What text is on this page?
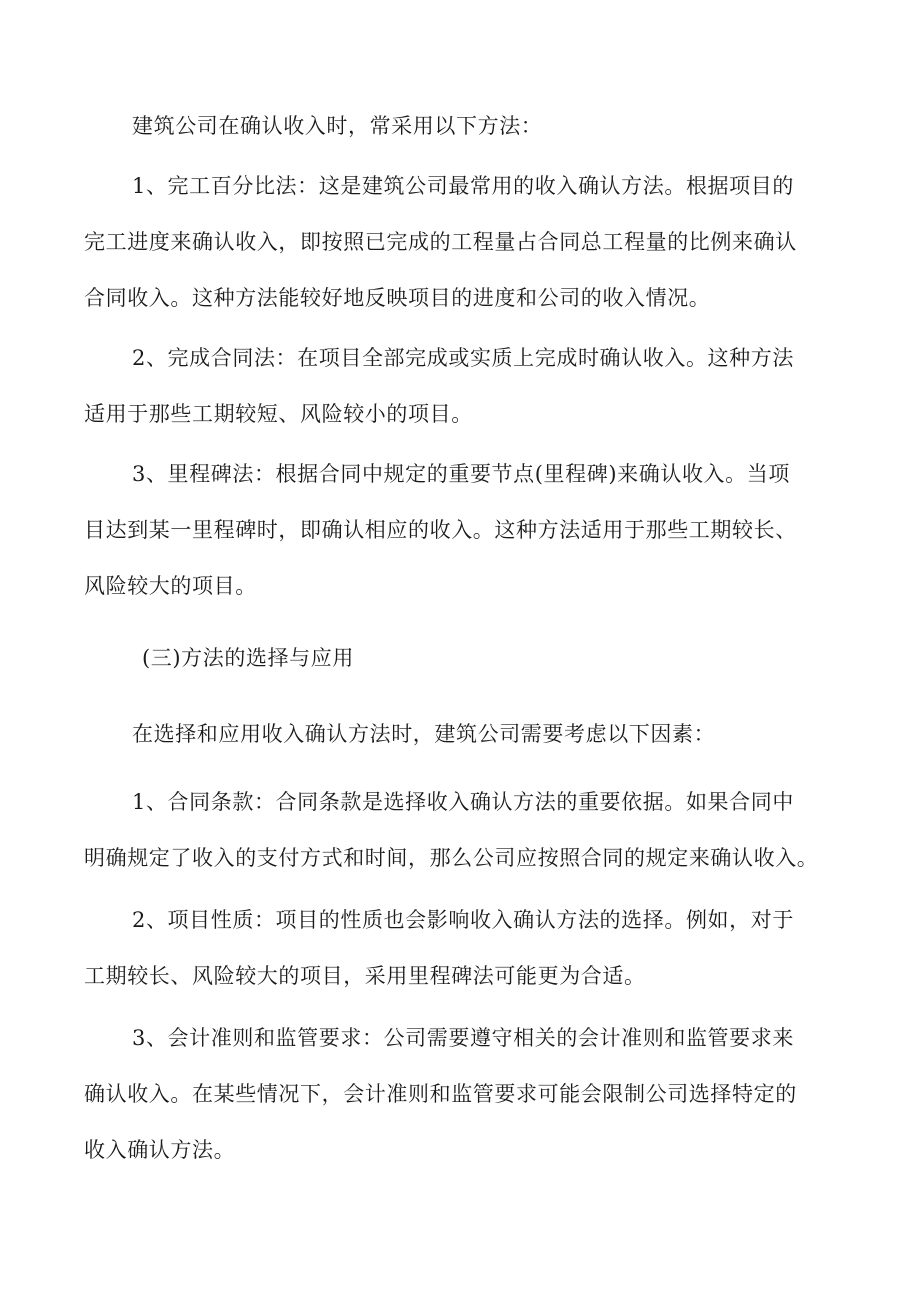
建筑公司在确认收入时，常采用以下方法：
1、完工百分比法：这是建筑公司最常用的收入确认方法。根据项目的
完工进度来确认收入，即按照已完成的工程量占合同总工程量的比例来确认
合同收入。这种方法能较好地反映项目的进度和公司的收入情况。
2、完成合同法：在项目全部完成或实质上完成时确认收入。这种方法
适用于那些工期较短、风险较小的项目。
3、里程碑法：根据合同中规定的重要节点(里程碑)来确认收入。当项
目达到某一里程碑时，即确认相应的收入。这种方法适用于那些工期较长、
风险较大的项目。
(三)方法的选择与应用
在选择和应用收入确认方法时，建筑公司需要考虑以下因素：
1、合同条款：合同条款是选择收入确认方法的重要依据。如果合同中
明确规定了收入的支付方式和时间，那么公司应按照合同的规定来确认收入。
2、项目性质：项目的性质也会影响收入确认方法的选择。例如，对于
工期较长、风险较大的项目，采用里程碑法可能更为合适。
3、会计准则和监管要求：公司需要遵守相关的会计准则和监管要求来
确认收入。在某些情况下，会计准则和监管要求可能会限制公司选择特定的
收入确认方法。
